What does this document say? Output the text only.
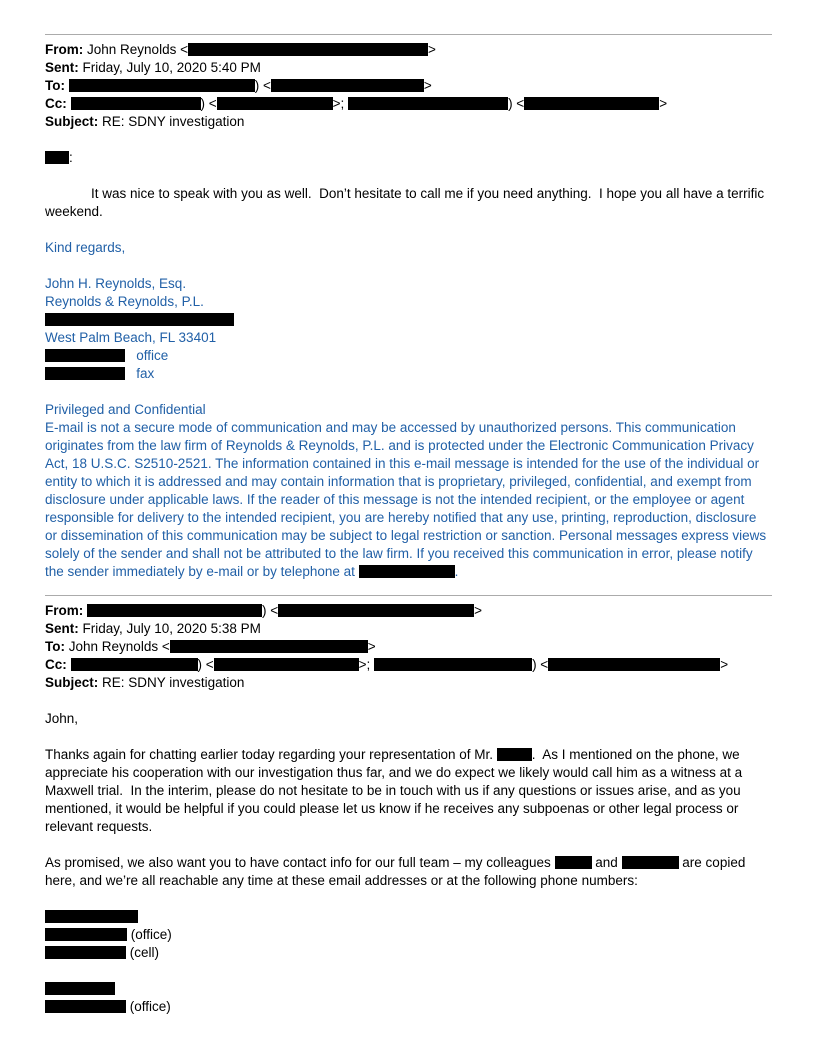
From: John Reynolds <	>
Sent: Friday, July 10, 2020 5:40 PM
To:	) <	>
Cc:	) <	>;	) <	>
Subject: RE: SDNY investigation
:

It was nice to speak with you as well.  Don’t hesitate to call me if you need anything.  I hope you all have a terrific weekend.

Kind regards,
John H. Reynolds, Esq.
Reynolds & Reynolds, P.L.
West Palm Beach, FL 33401
office
fax
Privileged and Confidential

E-mail is not a secure mode of communication and may be accessed by unauthorized persons. This communication originates from the law firm of Reynolds & Reynolds, P.L. and is protected under the Electronic Communication Privacy Act, 18 U.S.C. S2510-2521. The information contained in this e-mail message is intended for the use of the individual or entity to which it is addressed and may contain information that is proprietary, privileged, confidential, and exempt from disclosure under applicable laws. If the reader of this message is not the intended recipient, or the employee or agent responsible for delivery to the intended recipient, you are hereby notified that any use, printing, reproduction, disclosure or dissemination of this communication may be subject to legal restriction or sanction. Personal messages express views solely of the sender and shall not be attributed to the law firm. If you received this communication in error, please notify the sender immediately by e-mail or by telephone at	.

From:	) <	>
Sent: Friday, July 10, 2020 5:38 PM
To: John Reynolds <	>
Cc:	) <	>;	) <	>
Subject: RE: SDNY investigation
John,

Thanks again for chatting earlier today regarding your representation of Mr.	.  As I mentioned on the phone, we appreciate his cooperation with our investigation thus far, and we do expect we likely would call him as a witness at a Maxwell trial.  In the interim, please do not hesitate to be in touch with us if any questions or issues arise, and as you mentioned, it would be helpful if you could please let us know if he receives any subpoenas or other legal process or relevant requests.

As promised, we also want you to have contact info for our full team – my colleagues	and	are copied here, and we’re all reachable any time at these email addresses or at the following phone numbers:

(office)
(cell)
(office)
